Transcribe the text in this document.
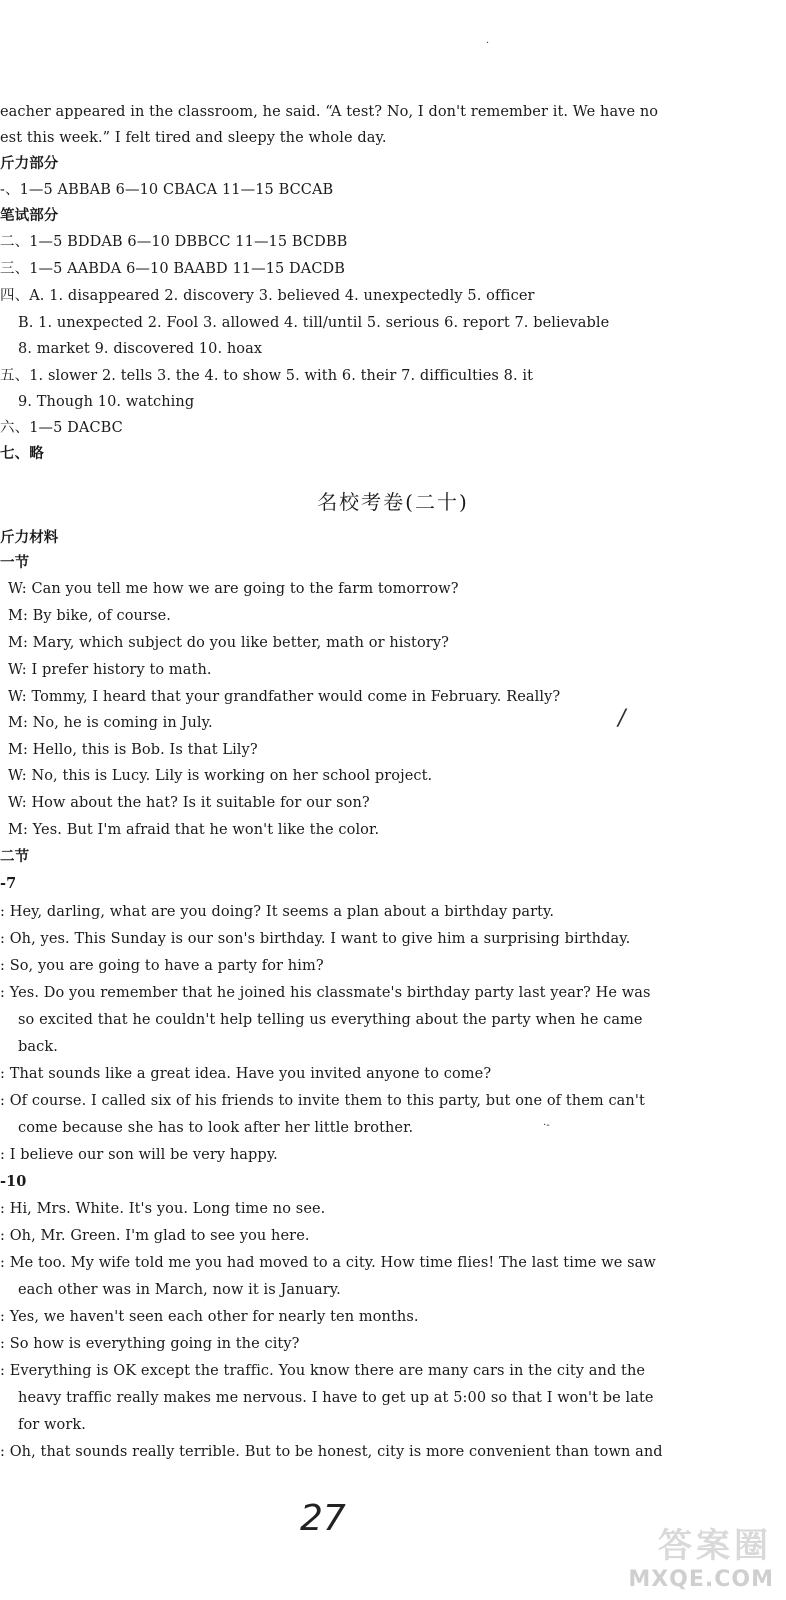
eacher appeared in the classroom, he said. “A test? No, I don't remember it. We have no
est this week.” I felt tired and sleepy the whole day.
斤力部分
-、1—5 ABBAB 6—10 CBACA 11—15 BCCAB
笔试部分
二、1—5 BDDAB 6—10 DBBCC 11—15 BCDBB
三、1—5 AABDA 6—10 BAABD 11—15 DACDB
四、A. 1. disappeared 2. discovery 3. believed 4. unexpectedly 5. officer
B. 1. unexpected 2. Fool 3. allowed 4. till/until 5. serious 6. report 7. believable
8. market 9. discovered 10. hoax
五、1. slower 2. tells 3. the 4. to show 5. with 6. their 7. difficulties 8. it
9. Though 10. watching
六、1—5 DACBC
七、略
名校考卷(二十)
斤力材料
一节
W: Can you tell me how we are going to the farm tomorrow?
M: By bike, of course.
M: Mary, which subject do you like better, math or history?
W: I prefer history to math.
W: Tommy, I heard that your grandfather would come in February. Really?
M: No, he is coming in July.
M: Hello, this is Bob. Is that Lily?
W: No, this is Lucy. Lily is working on her school project.
W: How about the hat? Is it suitable for our son?
M: Yes. But I'm afraid that he won't like the color.
二节
-7
: Hey, darling, what are you doing? It seems a plan about a birthday party.
: Oh, yes. This Sunday is our son's birthday. I want to give him a surprising birthday.
: So, you are going to have a party for him?
: Yes. Do you remember that he joined his classmate's birthday party last year? He was
so excited that he couldn't help telling us everything about the party when he came
back.
: That sounds like a great idea. Have you invited anyone to come?
: Of course. I called six of his friends to invite them to this party, but one of them can't
come because she has to look after her little brother.
: I believe our son will be very happy.
-10
: Hi, Mrs. White. It's you. Long time no see.
: Oh, Mr. Green. I'm glad to see you here.
: Me too. My wife told me you had moved to a city. How time flies! The last time we saw
each other was in March, now it is January.
: Yes, we haven't seen each other for nearly ten months.
: So how is everything going in the city?
: Everything is OK except the traffic. You know there are many cars in the city and the
heavy traffic really makes me nervous. I have to get up at 5:00 so that I won't be late
for work.
: Oh, that sounds really terrible. But to be honest, city is more convenient than town and
·
/
·-
27
答案圈
MXQE.COM
